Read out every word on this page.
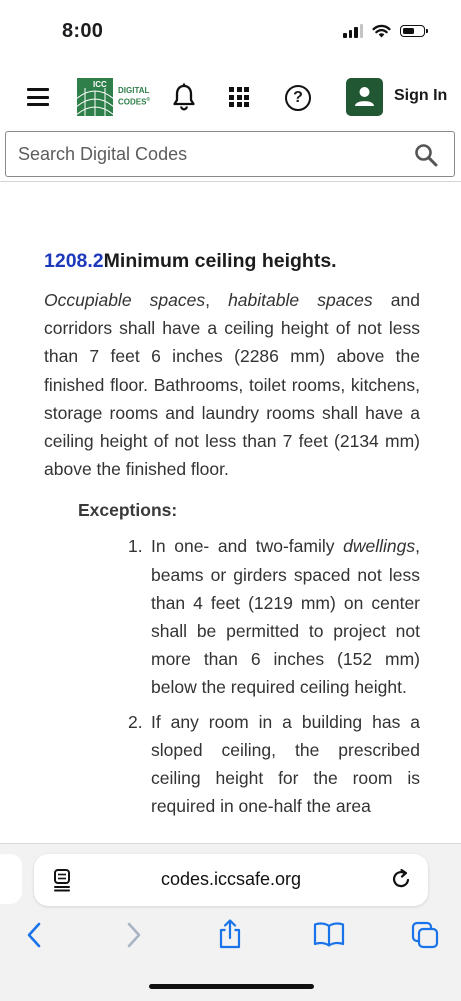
8:00
ICC
DIGITAL
CODES®	?	Sign In
Search Digital Codes
1208.2Minimum ceiling heights.

Occupiable spaces, habitable spaces and corridors shall have a ceiling height of not less than 7 feet 6 inches (2286 mm) above the finished floor. Bathrooms, toilet rooms, kitchens, storage rooms and laundry rooms shall have a ceiling height of not less than 7 feet (2134 mm) above the finished floor.

Exceptions:
1. In one- and two-family dwellings, beams or girders spaced not less than 4 feet (1219 mm) on center shall be permitted to project not more than 6 inches (152 mm) below the required ceiling height.
2. If any room in a building has a sloped ceiling, the prescribed ceiling height for the room is required in one-half the area
codes.iccsafe.org
